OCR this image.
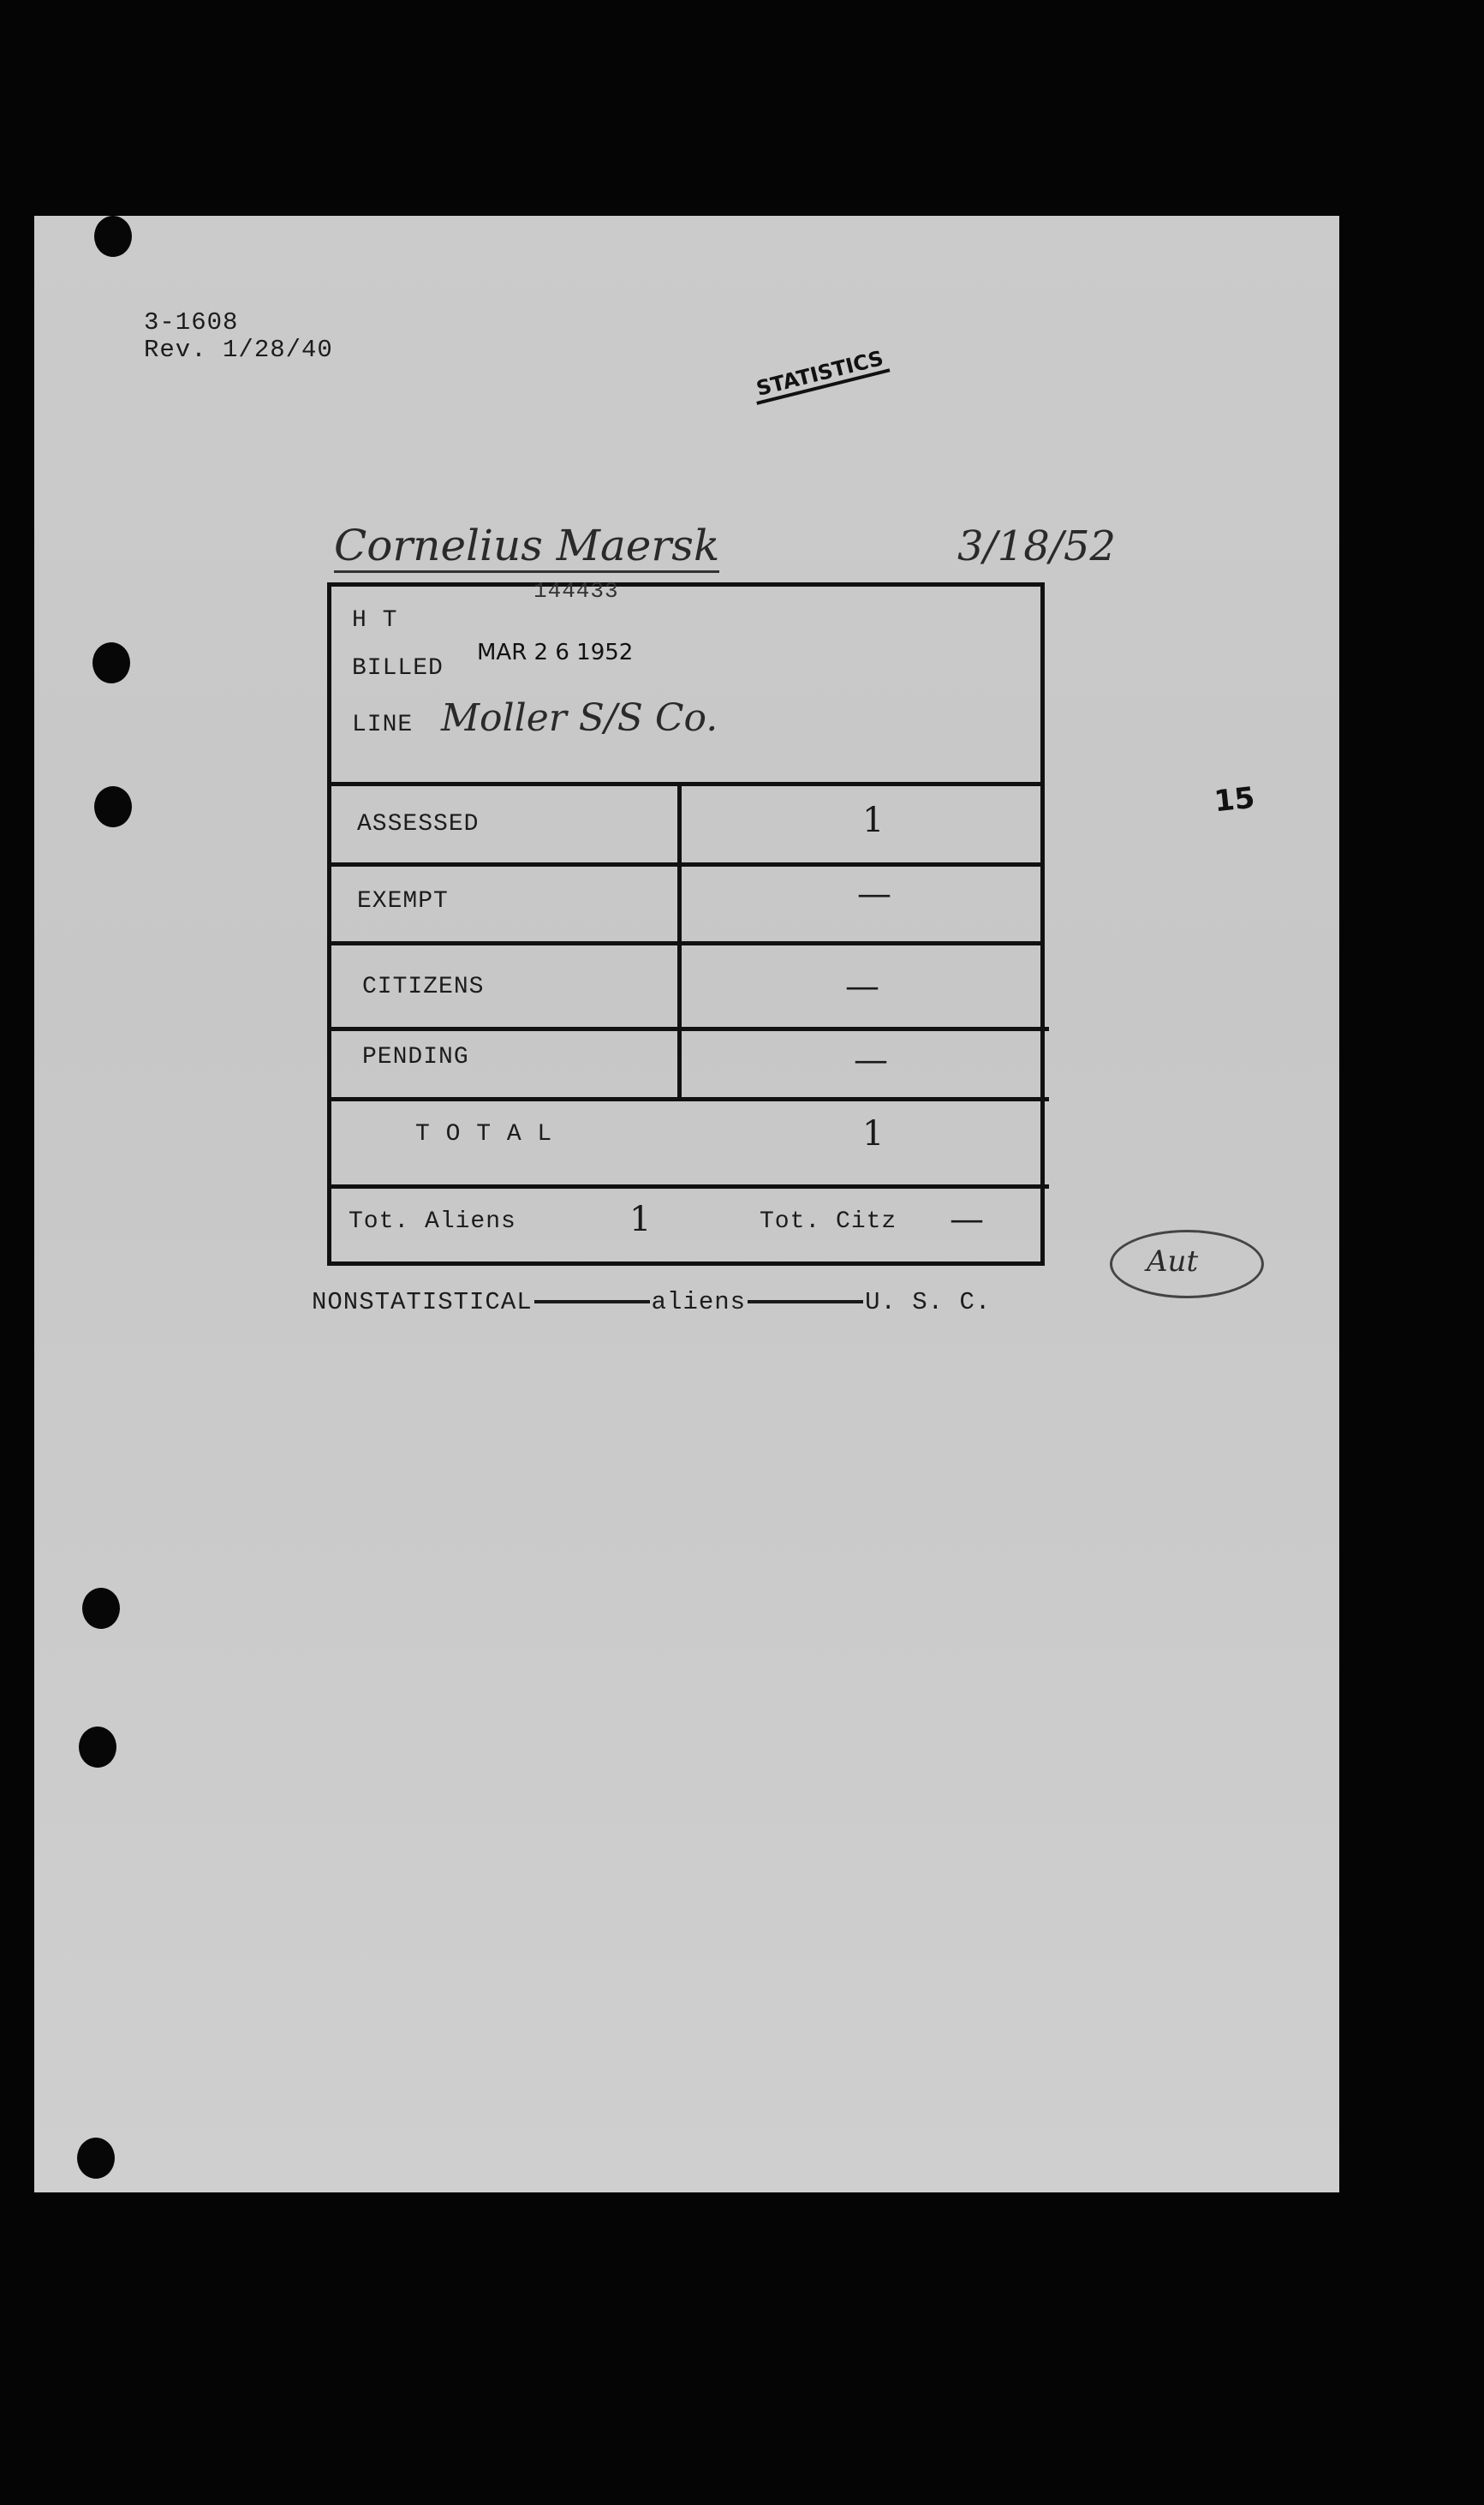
3-1608
Rev. 1/28/40	STATISTICS
Cornelius Maersk	3/18/52
144433
H T
BILLED
MAR 2 6 1952
LINE Moller S/S Co.
ASSESSED	1
EXEMPT	—
CITIZENS	—
PENDING	—
T O T A L	1
Tot. Aliens	1	Tot. Citz —
NONSTATISTICAL	aliens	U. S. C.
15
Aut
